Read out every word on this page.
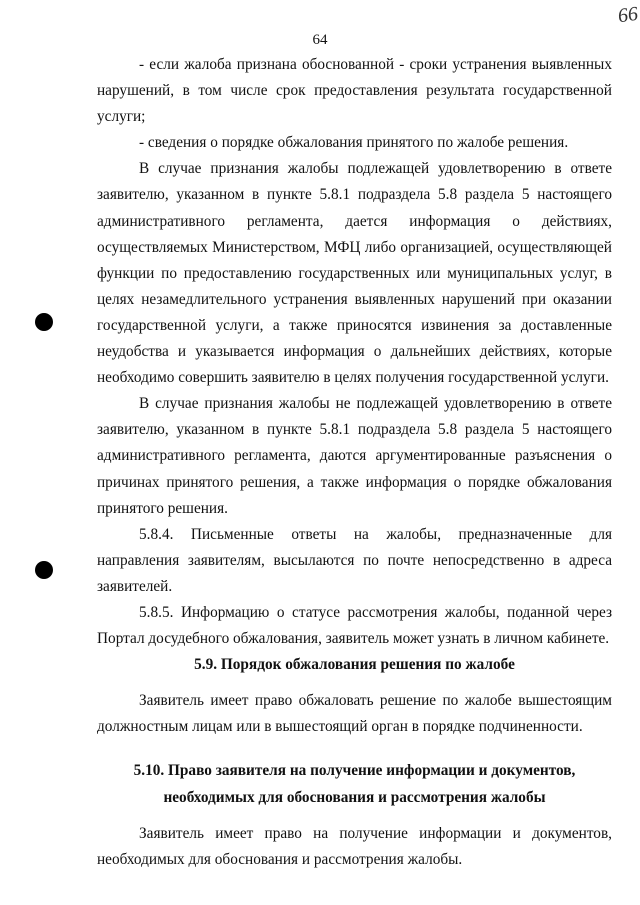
66
64

- если жалоба признана обоснованной - сроки устранения выявленных нарушений, в том числе срок предоставления результата государственной услуги;

- сведения о порядке обжалования принятого по жалобе решения.

В случае признания жалобы подлежащей удовлетворению в ответе заявителю, указанном в пункте 5.8.1 подраздела 5.8 раздела 5 настоящего административного регламента, дается информация о действиях, осуществляемых Министерством, МФЦ либо организацией, осуществляющей функции по предоставлению государственных или муниципальных услуг, в целях незамедлительного устранения выявленных нарушений при оказании государственной услуги, а также приносятся извинения за доставленные неудобства и указывается информация о дальнейших действиях, которые необходимо совершить заявителю в целях получения государственной услуги.

В случае признания жалобы не подлежащей удовлетворению в ответе заявителю, указанном в пункте 5.8.1 подраздела 5.8 раздела 5 настоящего административного регламента, даются аргументированные разъяснения о причинах принятого решения, а также информация о порядке обжалования принятого решения.

5.8.4. Письменные ответы на жалобы, предназначенные для направления заявителям, высылаются по почте непосредственно в адреса заявителей.

5.8.5. Информацию о статусе рассмотрения жалобы, поданной через Портал досудебного обжалования, заявитель может узнать в личном кабинете.

5.9. Порядок обжалования решения по жалобе

Заявитель имеет право обжаловать решение по жалобе вышестоящим должностным лицам или в вышестоящий орган в порядке подчиненности.

5.10. Право заявителя на получение информации и документов,

необходимых для обоснования и рассмотрения жалобы

Заявитель имеет право на получение информации и документов, необходимых для обоснования и рассмотрения жалобы.
